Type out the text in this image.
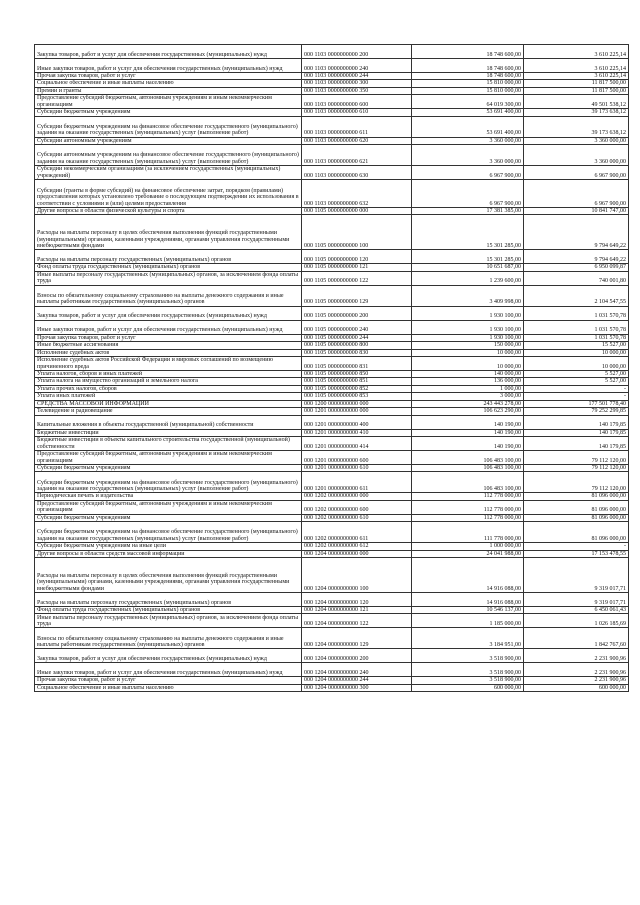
Закупка товаров, работ и услуг для обеспечения государственных (муниципальных) нужд	000 1103 0000000000 200	18 748 600,00	3 610 225,14
Иные закупки товаров, работ и услуг для обеспечения государственных (муниципальных) нужд	000 1103 0000000000 240	18 748 600,00	3 610 225,14
Прочая закупка товаров, работ и услуг	000 1103 0000000000 244	18 748 600,00	3 610 225,14
Социальное обеспечение и иные выплаты населению	000 1103 0000000000 300	15 810 000,00	11 817 500,00
Премии и гранты	000 1103 0000000000 350	15 810 000,00	11 817 500,00
Предоставление субсидий бюджетным, автономным учреждениям и иным некоммерческим организациям	000 1103 0000000000 600	64 019 300,00	49 501 538,12
Субсидии бюджетным учреждениям	000 1103 0000000000 610	53 691 400,00	39 173 638,12
Субсидии бюджетным учреждениям на финансовое обеспечение государственного (муниципального) задания на оказание государственных (муниципальных) услуг (выполнение работ)	000 1103 0000000000 611	53 691 400,00	39 173 638,12
Субсидии автономным учреждениям	000 1103 0000000000 620	3 360 000,00	3 360 000,00
Субсидии автономным учреждениям на финансовое обеспечение государственного (муниципального) задания на оказание государственных (муниципальных) услуг (выполнение работ)	000 1103 0000000000 621	3 360 000,00	3 360 000,00
Субсидии некоммерческим организациям (за исключением государственных (муниципальных) учреждений)	000 1103 0000000000 630	6 967 900,00	6 967 900,00
Субсидии (гранты в форме субсидий) на финансовое обеспечение затрат, порядком (правилами) предоставления которых установлено требование о последующем подтверждении их использования в соответствии с условиями и (или) целями предоставления	000 1103 0000000000 632	6 967 900,00	6 967 900,00
Другие вопросы в области физической культуры и спорта	000 1105 0000000000 000	17 381 385,00	10 841 747,00
Расходы на выплаты персоналу в целях обеспечения выполнения функций государственными (муниципальными) органами, казенными учреждениями, органами управления государственными внебюджетными фондами	000 1105 0000000000 100	15 301 285,00	9 794 649,22
Расходы на выплаты персоналу государственных (муниципальных) органов	000 1105 0000000000 120	15 301 285,00	9 794 649,22
Фонд оплаты труда государственных (муниципальных) органов	000 1105 0000000000 121	10 651 687,00	6 950 099,87
Иные выплаты персоналу государственных (муниципальных) органов, за исключением фонда оплаты труда	000 1105 0000000000 122	1 239 600,00	740 001,80
Взносы по обязательному социальному страхованию на выплаты денежного содержания и иные выплаты работникам государственных (муниципальных) органов	000 1105 0000000000 129	3 409 998,00	2 104 547,55
Закупка товаров, работ и услуг для обеспечения государственных (муниципальных) нужд	000 1105 0000000000 200	1 930 100,00	1 031 570,78
Иные закупки товаров, работ и услуг для обеспечения государственных (муниципальных) нужд	000 1105 0000000000 240	1 930 100,00	1 031 570,78
Прочая закупка товаров, работ и услуг	000 1105 0000000000 244	1 930 100,00	1 031 570,78
Иные бюджетные ассигнования	000 1105 0000000000 800	150 000,00	15 527,00
Исполнение судебных актов	000 1105 0000000000 830	10 000,00	10 000,00
Исполнение судебных актов Российской Федерации и мировых соглашений по возмещению причиненного вреда	000 1105 0000000000 831	10 000,00	10 000,00
Уплата налогов, сборов и иных платежей	000 1105 0000000000 850	140 000,00	5 527,00
Уплата налога на имущество организаций и земельного налога	000 1105 0000000000 851	136 000,00	5 527,00
Уплата прочих налогов, сборов	000 1105 0000000000 852	1 000,00	-
Уплата иных платежей	000 1105 0000000000 853	3 000,00	-
СРЕДСТВА МАССОВОЙ ИНФОРМАЦИИ	000 1200 0000000000 000	243 443 278,00	177 501 778,40
Телевидение и радиовещание	000 1201 0000000000 000	106 623 290,00	79 252 299,85
Капитальные вложения в объекты государственной (муниципальной) собственности	000 1201 0000000000 400	140 190,00	140 179,85
Бюджетные инвестиции	000 1201 0000000000 410	140 190,00	140 179,85
Бюджетные инвестиции в объекты капитального строительства государственной (муниципальной) собственности	000 1201 0000000000 414	140 190,00	140 179,85
Предоставление субсидий бюджетным, автономным учреждениям и иным некоммерческим организациям	000 1201 0000000000 600	106 483 100,00	79 112 120,00
Субсидии бюджетным учреждениям	000 1201 0000000000 610	106 483 100,00	79 112 120,00
Субсидии бюджетным учреждениям на финансовое обеспечение государственного (муниципального) задания на оказание государственных (муниципальных) услуг (выполнение работ)	000 1201 0000000000 611	106 483 100,00	79 112 120,00
Периодическая печать и издательства	000 1202 0000000000 000	112 778 000,00	81 096 000,00
Предоставление субсидий бюджетным, автономным учреждениям и иным некоммерческим организациям	000 1202 0000000000 600	112 778 000,00	81 096 000,00
Субсидии бюджетным учреждениям	000 1202 0000000000 610	112 778 000,00	81 096 000,00
Субсидии бюджетным учреждениям на финансовое обеспечение государственного (муниципального) задания на оказание государственных (муниципальных) услуг (выполнение работ)	000 1202 0000000000 611	111 778 000,00	81 096 000,00
Субсидии бюджетным учреждениям на иные цели	000 1202 0000000000 612	1 000 000,00	-
Другие вопросы в области средств массовой информации	000 1204 0000000000 000	24 041 988,00	17 153 478,55
Расходы на выплаты персоналу в целях обеспечения выполнения функций государственными (муниципальными) органами, казенными учреждениями, органами управления государственными внебюджетными фондами	000 1204 0000000000 100	14 916 088,00	9 319 017,71
Расходы на выплаты персоналу государственных (муниципальных) органов	000 1204 0000000000 120	14 916 088,00	9 319 017,71
Фонд оплаты труда государственных (муниципальных) органов	000 1204 0000000000 121	10 546 137,00	6 450 061,43
Иные выплаты персоналу государственных (муниципальных) органов, за исключением фонда оплаты труда	000 1204 0000000000 122	1 185 000,00	1 026 185,69
Взносы по обязательному социальному страхованию на выплаты денежного содержания и иные выплаты работникам государственных (муниципальных) органов	000 1204 0000000000 129	3 184 951,00	1 842 767,60
Закупка товаров, работ и услуг для обеспечения государственных (муниципальных) нужд	000 1204 0000000000 200	3 518 900,00	2 231 900,96
Иные закупки товаров, работ и услуг для обеспечения государственных (муниципальных) нужд	000 1204 0000000000 240	3 518 900,00	2 231 900,96
Прочая закупка товаров, работ и услуг	000 1204 0000000000 244	3 518 900,00	2 231 900,96
Социальное обеспечение и иные выплаты населению	000 1204 0000000000 300	600 000,00	600 000,00
